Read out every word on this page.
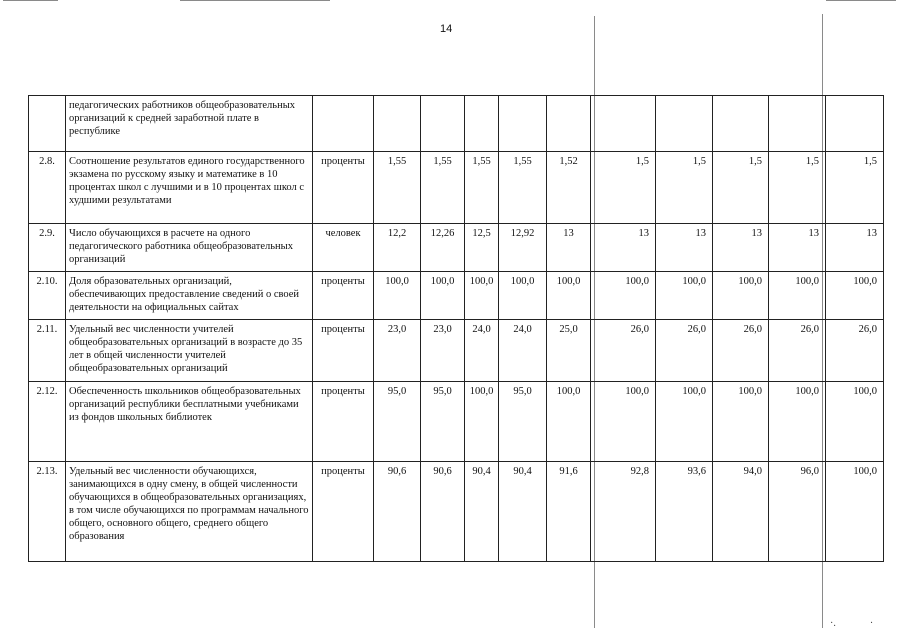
14
	педагогических работников общеобразовательных организаций к средней заработной плате в республике											
2.8.	Соотношение результатов единого государственного экзамена по русскому языку и математике в 10 процентах школ с лучшими и в 10 процентах школ с худшими результатами	проценты	1,55	1,55	1,55	1,55	1,52	1,5	1,5	1,5	1,5	1,5
2.9.	Число обучающихся в расчете на одного педагогического работника общеобразовательных организаций	человек	12,2	12,26	12,5	12,92	13	13	13	13	13	13
2.10.	Доля образовательных организаций, обеспечивающих предоставление сведений о своей деятельности на официальных сайтах	проценты	100,0	100,0	100,0	100,0	100,0	100,0	100,0	100,0	100,0	100,0
2.11.	Удельный вес численности учителей общеобразовательных организаций в возрасте до 35 лет в общей численности учителей общеобразовательных организаций	проценты	23,0	23,0	24,0	24,0	25,0	26,0	26,0	26,0	26,0	26,0
2.12.	Обеспеченность школьников общеобразовательных организаций республики бесплатными учебниками из фондов школьных библиотек	проценты	95,0	95,0	100,0	95,0	100,0	100,0	100,0	100,0	100,0	100,0
2.13.	Удельный вес численности обучающихся, занимающихся в одну смену, в общей численности обучающихся в общеобразовательных организациях, в том числе обучающихся по программам начального общего, основного общего, среднего общего образования	проценты	90,6	90,6	90,4	90,4	91,6	92,8	93,6	94,0	96,0	100,0
·.	·
